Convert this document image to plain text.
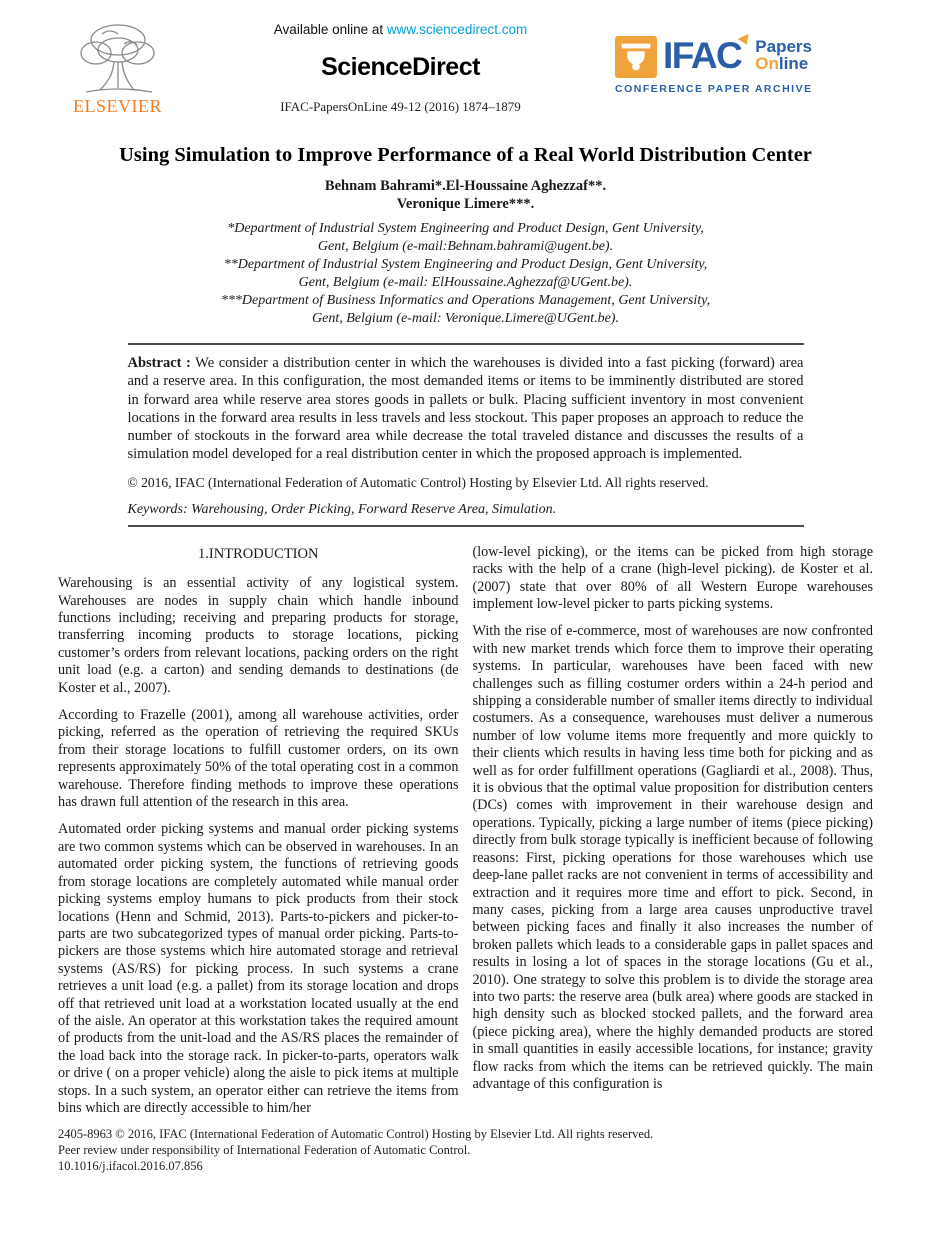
ELSEVIER
Available online at www.sciencedirect.com
ScienceDirect
IFAC-PapersOnLine 49-12 (2016) 1874–1879
IFAC Papers
Online
CONFERENCE PAPER ARCHIVE
Using Simulation to Improve Performance of a Real World Distribution Center
Behnam Bahrami*.El-Houssaine Aghezzaf**.
Veronique Limere***.
*Department of Industrial System Engineering and Product Design, Gent University,
Gent, Belgium (e-mail:Behnam.bahrami@ugent.be).
**Department of Industrial System Engineering and Product Design, Gent University,
Gent, Belgium (e-mail: ElHoussaine.Aghezzaf@UGent.be).
***Department of Business Informatics and Operations Management, Gent University,
Gent, Belgium (e-mail: Veronique.Limere@UGent.be).

Abstract : We consider a distribution center in which the warehouses is divided into a fast picking (forward) area and a reserve area. In this configuration, the most demanded items or items to be imminently distributed are stored in forward area while reserve area stores goods in pallets or bulk. Placing sufficient inventory in most convenient locations in the forward area results in less travels and less stockout. This paper proposes an approach to reduce the number of stockouts in the forward area while decrease the total traveled distance and discusses the results of a simulation model developed for a real distribution center in which the proposed approach is implemented.

© 2016, IFAC (International Federation of Automatic Control) Hosting by Elsevier Ltd. All rights reserved.

Keywords: Warehousing, Order Picking, Forward Reserve Area, Simulation.

1.INTRODUCTION

Warehousing is an essential activity of any logistical system. Warehouses are nodes in supply chain which handle inbound functions including; receiving and preparing products for storage, transferring incoming products to storage locations, picking customer’s orders from relevant locations, packing orders on the right unit load (e.g. a carton) and sending demands to destinations (de Koster et al., 2007).

According to Frazelle (2001), among all warehouse activities, order picking, referred as the operation of retrieving the required SKUs from their storage locations to fulfill customer orders, on its own represents approximately 50% of the total operating cost in a common warehouse. Therefore finding methods to improve these operations has drawn full attention of the research in this area.

Automated order picking systems and manual order picking systems are two common systems which can be observed in warehouses. In an automated order picking system, the functions of retrieving goods from storage locations are completely automated while manual order picking systems employ humans to pick products from their stock locations (Henn and Schmid, 2013). Parts-to-pickers and picker-to-parts are two subcategorized types of manual order picking. Parts-to-pickers are those systems which hire automated storage and retrieval systems (AS/RS) for picking process. In such systems a crane retrieves a unit load (e.g. a pallet) from its storage location and drops off that retrieved unit load at a workstation located usually at the end of the aisle. An operator at this workstation takes the required amount of products from the unit-load and the AS/RS places the remainder of the load back into the storage rack. In picker-to-parts, operators walk or drive ( on a proper vehicle) along the aisle to pick items at multiple stops. In a such system, an operator either can retrieve the items from bins which are directly accessible to him/her

(low-level picking), or the items can be picked from high storage racks with the help of a crane (high-level picking). de Koster et al. (2007) state that over 80% of all Western Europe warehouses implement low-level picker to parts picking systems.

With the rise of e-commerce, most of warehouses are now confronted with new market trends which force them to improve their operating systems. In particular, warehouses have been faced with new challenges such as filling costumer orders within a 24-h period and shipping a considerable number of smaller items directly to individual costumers. As a consequence, warehouses must deliver a numerous number of low volume items more frequently and more quickly to their clients which results in having less time both for picking and as well as for order fulfillment operations (Gagliardi et al., 2008). Thus, it is obvious that the optimal value proposition for distribution centers (DCs) comes with improvement in their warehouse design and operations. Typically, picking a large number of items (piece picking) directly from bulk storage typically is inefficient because of following reasons: First, picking operations for those warehouses which use deep-lane pallet racks are not convenient in terms of accessibility and extraction and it requires more time and effort to pick. Second, in many cases, picking from a large area causes unproductive travel between picking faces and finally it also increases the number of broken pallets which leads to a considerable gaps in pallet spaces and results in losing a lot of spaces in the storage locations (Gu et al., 2010). One strategy to solve this problem is to divide the storage area into two parts: the reserve area (bulk area) where goods are stacked in high density such as blocked stocked pallets, and the forward area (piece picking area), where the highly demanded products are stored in small quantities in easily accessible locations, for instance; gravity flow racks from which the items can be retrieved quickly. The main advantage of this configuration is

2405-8963 © 2016, IFAC (International Federation of Automatic Control) Hosting by Elsevier Ltd. All rights reserved.
Peer review under responsibility of International Federation of Automatic Control.
10.1016/j.ifacol.2016.07.856
